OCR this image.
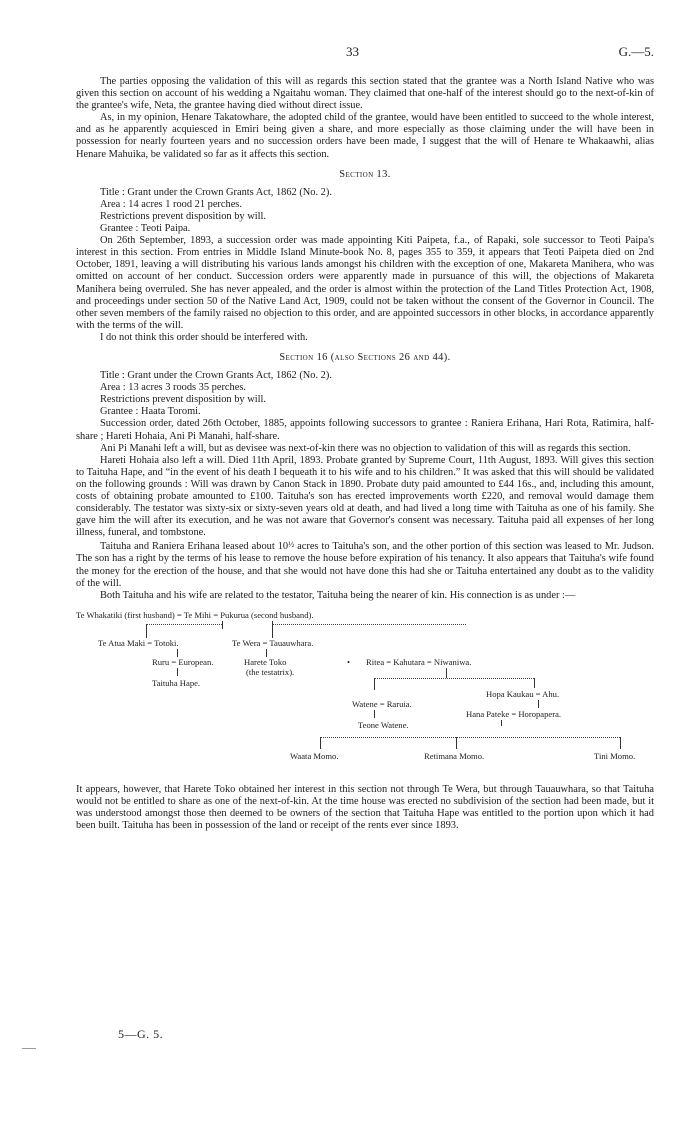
33	G.—5.

The parties opposing the validation of this will as regards this section stated that the grantee was a North Island Native who was given this section on account of his wedding a Ngaitahu woman. They claimed that one-half of the interest should go to the next-of-kin of the grantee's wife, Neta, the grantee having died without direct issue.

As, in my opinion, Henare Takatowhare, the adopted child of the grantee, would have been entitled to succeed to the whole interest, and as he apparently acquiesced in Emiri being given a share, and more especially as those claiming under the will have been in possession for nearly fourteen years and no succession orders have been made, I suggest that the will of Henare te Whakaawhi, alias Henare Mahuika, be validated so far as it affects this section.

Section 13.
Title : Grant under the Crown Grants Act, 1862 (No. 2).
Area : 14 acres 1 rood 21 perches.
Restrictions prevent disposition by will.
Grantee : Teoti Paipa.

On 26th September, 1893, a succession order was made appointing Kiti Paipeta, f.a., of Rapaki, sole successor to Teoti Paipa's interest in this section. From entries in Middle Island Minute-book No. 8, pages 355 to 359, it appears that Teoti Paipeta died on 2nd October, 1891, leaving a will distributing his various lands amongst his children with the exception of one, Makareta Manihera, who was omitted on account of her conduct. Succession orders were apparently made in pursuance of this will, the objections of Makareta Manihera being overruled. She has never appealed, and the order is almost within the protection of the Land Titles Protection Act, 1908, and proceedings under section 50 of the Native Land Act, 1909, could not be taken without the consent of the Governor in Council. The other seven members of the family raised no objection to this order, and are appointed successors in other blocks, in accordance apparently with the terms of the will.

I do not think this order should be interfered with.

Section 16 (also Sections 26 and 44).
Title : Grant under the Crown Grants Act, 1862 (No. 2).
Area : 13 acres 3 roods 35 perches.
Restrictions prevent disposition by will.
Grantee : Haata Toromi.

Succession order, dated 26th October, 1885, appoints following successors to grantee : Raniera Erihana, Hari Rota, Ratimira, half-share ; Hareti Hohaia, Ani Pi Manahi, half-share.

Ani Pi Manahi left a will, but as devisee was next-of-kin there was no objection to validation of this will as regards this section.

Hareti Hohaia also left a will. Died 11th April, 1893. Probate granted by Supreme Court, 11th August, 1893. Will gives this section to Taituha Hape, and “in the event of his death I bequeath it to his wife and to his children.” It was asked that this will should be validated on the following grounds : Will was drawn by Canon Stack in 1890. Probate duty paid amounted to £44 16s., and, including this amount, costs of obtaining probate amounted to £100. Taituha's son has erected improvements worth £220, and removal would damage them considerably. The testator was sixty-six or sixty-seven years old at death, and had lived a long time with Taituha as one of his family. She gave him the will after its execution, and he was not aware that Governor's consent was necessary. Taituha paid all expenses of her long illness, funeral, and tombstone.

Taituha and Raniera Erihana leased about 10½ acres to Taituha's son, and the other portion of this section was leased to Mr. Judson. The son has a right by the terms of his lease to remove the house before expiration of his tenancy. It also appears that Taituha's wife found the money for the erection of the house, and that she would not have done this had she or Taituha entertained any doubt as to the validity of the will.

Both Taituha and his wife are related to the testator, Taituha being the nearer of kin. His connection is as under :—

Te Whakatiki (first husband) = Te Mihi = Pukurua (second husband).
Te Atua Maki = Totoki.	Te Wera = Tauauwhara.
Ruru = European.	Harete Toko
(the testatrix).
• Ritea = Kahutara = Niwaniwa.
Taituha Hape.
Hopa Kaukau = Ahu.
Watene = Raruia.
Hana Pateke = Horopapera.
Teone Watene.
Waata Momo.	Retimana Momo.	Tini Momo.

It appears, however, that Harete Toko obtained her interest in this section not through Te Wera, but through Tauauwhara, so that Taituha would not be entitled to share as one of the next-of-kin. At the time house was erected no subdivision of the section had been made, but it was understood amongst those then deemed to be owners of the section that Taituha Hape was entitled to the portion upon which it had been built. Taituha has been in possession of the land or receipt of the rents ever since 1893.

5—G. 5.
